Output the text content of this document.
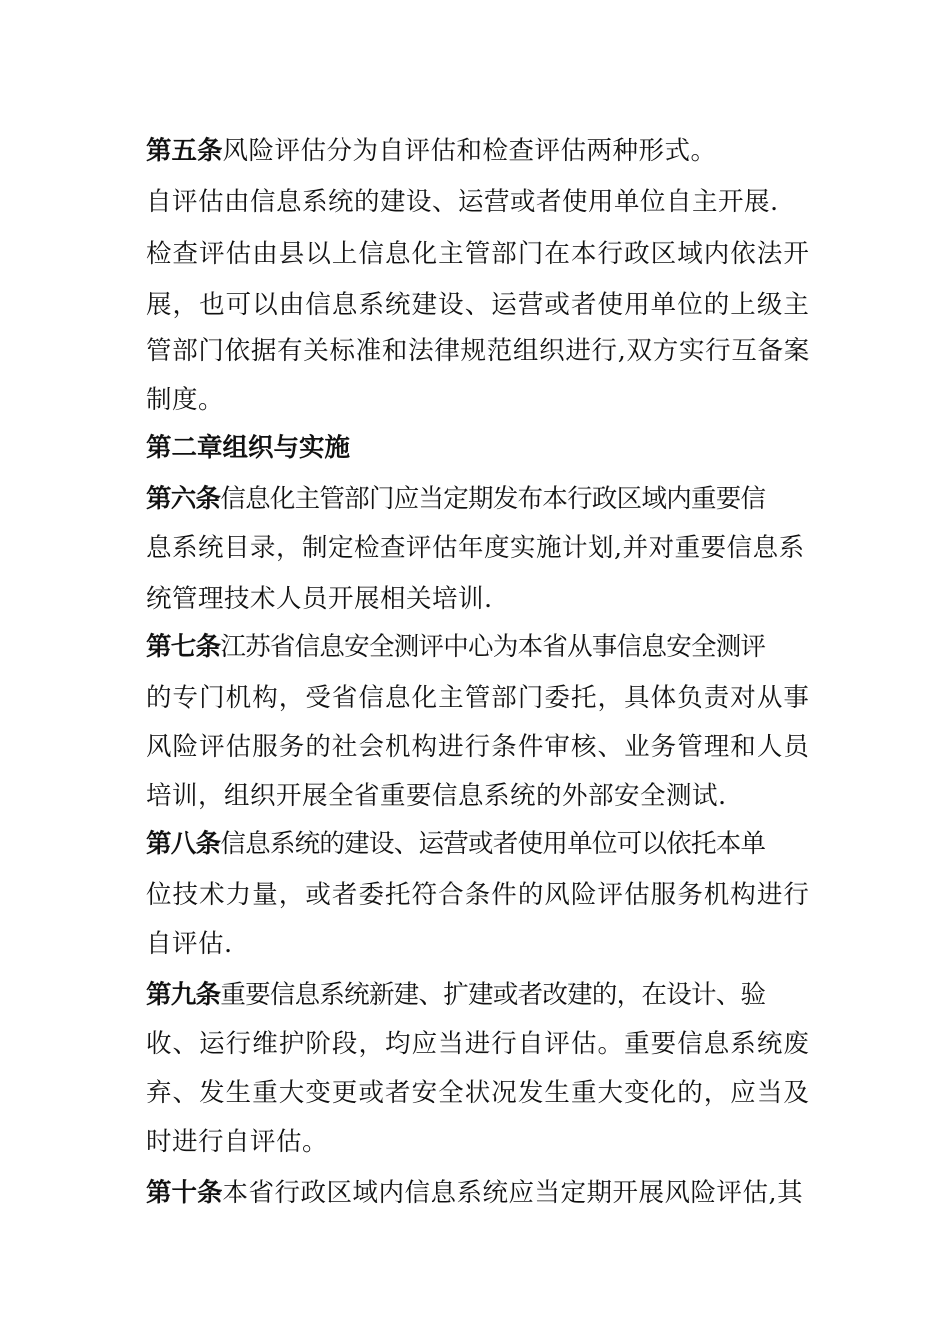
第五条风险评估分为自评估和检查评估两种形式。
自评估由信息系统的建设、运营或者使用单位自主开展.
检查评估由县以上信息化主管部门在本行政区域内依法开
展，也可以由信息系统建设、运营或者使用单位的上级主
管部门依据有关标准和法律规范组织进行,双方实行互备案
制度。
第二章组织与实施
第六条信息化主管部门应当定期发布本行政区域内重要信
息系统目录，制定检查评估年度实施计划,并对重要信息系
统管理技术人员开展相关培训.
第七条江苏省信息安全测评中心为本省从事信息安全测评
的专门机构，受省信息化主管部门委托，具体负责对从事
风险评估服务的社会机构进行条件审核、业务管理和人员
培训，组织开展全省重要信息系统的外部安全测试.
第八条信息系统的建设、运营或者使用单位可以依托本单
位技术力量，或者委托符合条件的风险评估服务机构进行
自评估.
第九条重要信息系统新建、扩建或者改建的，在设计、验
收、运行维护阶段，均应当进行自评估。重要信息系统废
弃、发生重大变更或者安全状况发生重大变化的，应当及
时进行自评估。
第十条本省行政区域内信息系统应当定期开展风险评估,其
